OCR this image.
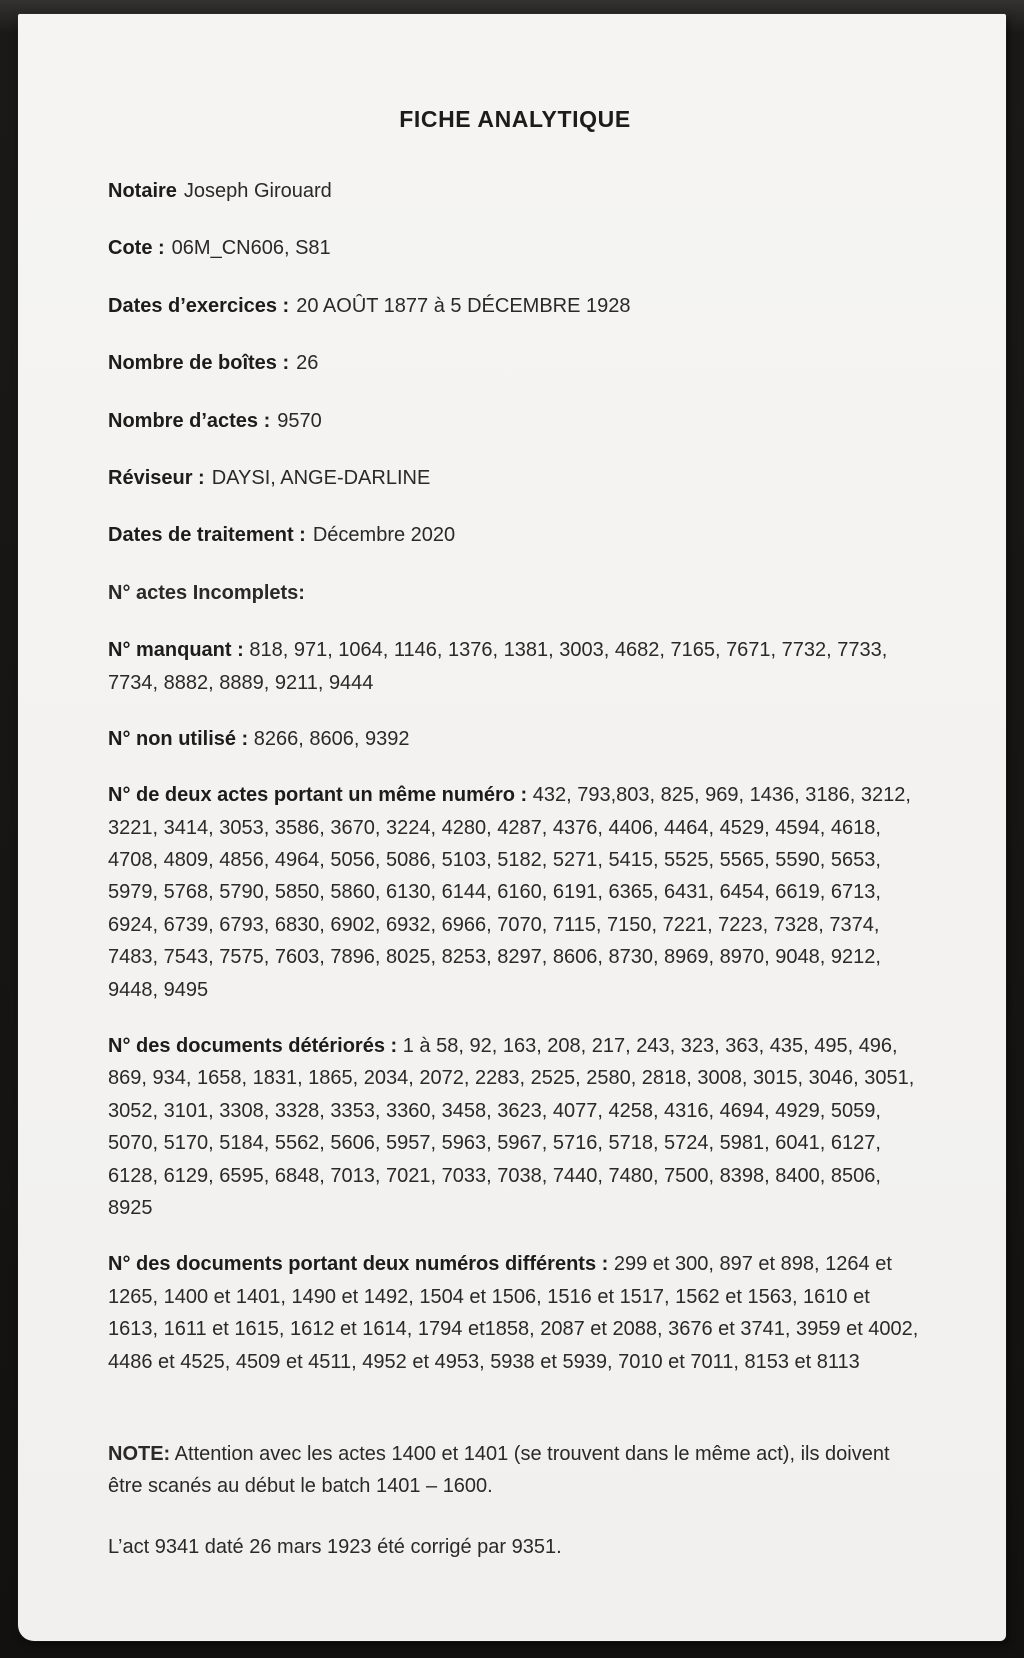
FICHE ANALYTIQUE

Notaire Joseph Girouard

Cote : 06M_CN606, S81

Dates d’exercices : 20 AOÛT 1877 à 5 DÉCEMBRE 1928

Nombre de boîtes : 26

Nombre d’actes : 9570

Réviseur : DAYSI, ANGE-DARLINE

Dates de traitement : Décembre 2020

N° actes Incomplets:

N° manquant : 818, 971, 1064, 1146, 1376, 1381, 3003, 4682, 7165, 7671, 7732, 7733, 7734, 8882, 8889, 9211, 9444

N° non utilisé : 8266, 8606, 9392

N° de deux actes portant un même numéro : 432, 793,803, 825, 969, 1436, 3186, 3212, 3221, 3414, 3053, 3586, 3670, 3224, 4280, 4287, 4376, 4406, 4464, 4529, 4594, 4618, 4708, 4809, 4856, 4964, 5056, 5086, 5103, 5182, 5271, 5415, 5525, 5565, 5590, 5653, 5979, 5768, 5790, 5850, 5860, 6130, 6144, 6160, 6191, 6365, 6431, 6454, 6619, 6713, 6924, 6739, 6793, 6830, 6902, 6932, 6966, 7070, 7115, 7150, 7221, 7223, 7328, 7374, 7483, 7543, 7575, 7603, 7896, 8025, 8253, 8297, 8606, 8730, 8969, 8970, 9048, 9212, 9448, 9495

N° des documents détériorés : 1 à 58, 92, 163, 208, 217, 243, 323, 363, 435, 495, 496, 869, 934, 1658, 1831, 1865, 2034, 2072, 2283, 2525, 2580, 2818, 3008, 3015, 3046, 3051, 3052, 3101, 3308, 3328, 3353, 3360, 3458, 3623, 4077, 4258, 4316, 4694, 4929, 5059, 5070, 5170, 5184, 5562, 5606, 5957, 5963, 5967, 5716, 5718, 5724, 5981, 6041, 6127, 6128, 6129, 6595, 6848, 7013, 7021, 7033, 7038, 7440, 7480, 7500, 8398, 8400, 8506, 8925

N° des documents portant deux numéros différents : 299 et 300, 897 et 898, 1264 et 1265, 1400 et 1401, 1490 et 1492, 1504 et 1506, 1516 et 1517, 1562 et 1563, 1610 et 1613, 1611 et 1615, 1612 et 1614, 1794 et1858, 2087 et 2088, 3676 et 3741, 3959 et 4002, 4486 et 4525, 4509 et 4511, 4952 et 4953, 5938 et 5939, 7010 et 7011, 8153 et 8113

NOTE: Attention avec les actes 1400 et 1401 (se trouvent dans le même act), ils doivent être scanés au début le batch 1401 – 1600.

L’act 9341 daté 26 mars 1923 été corrigé par 9351.
